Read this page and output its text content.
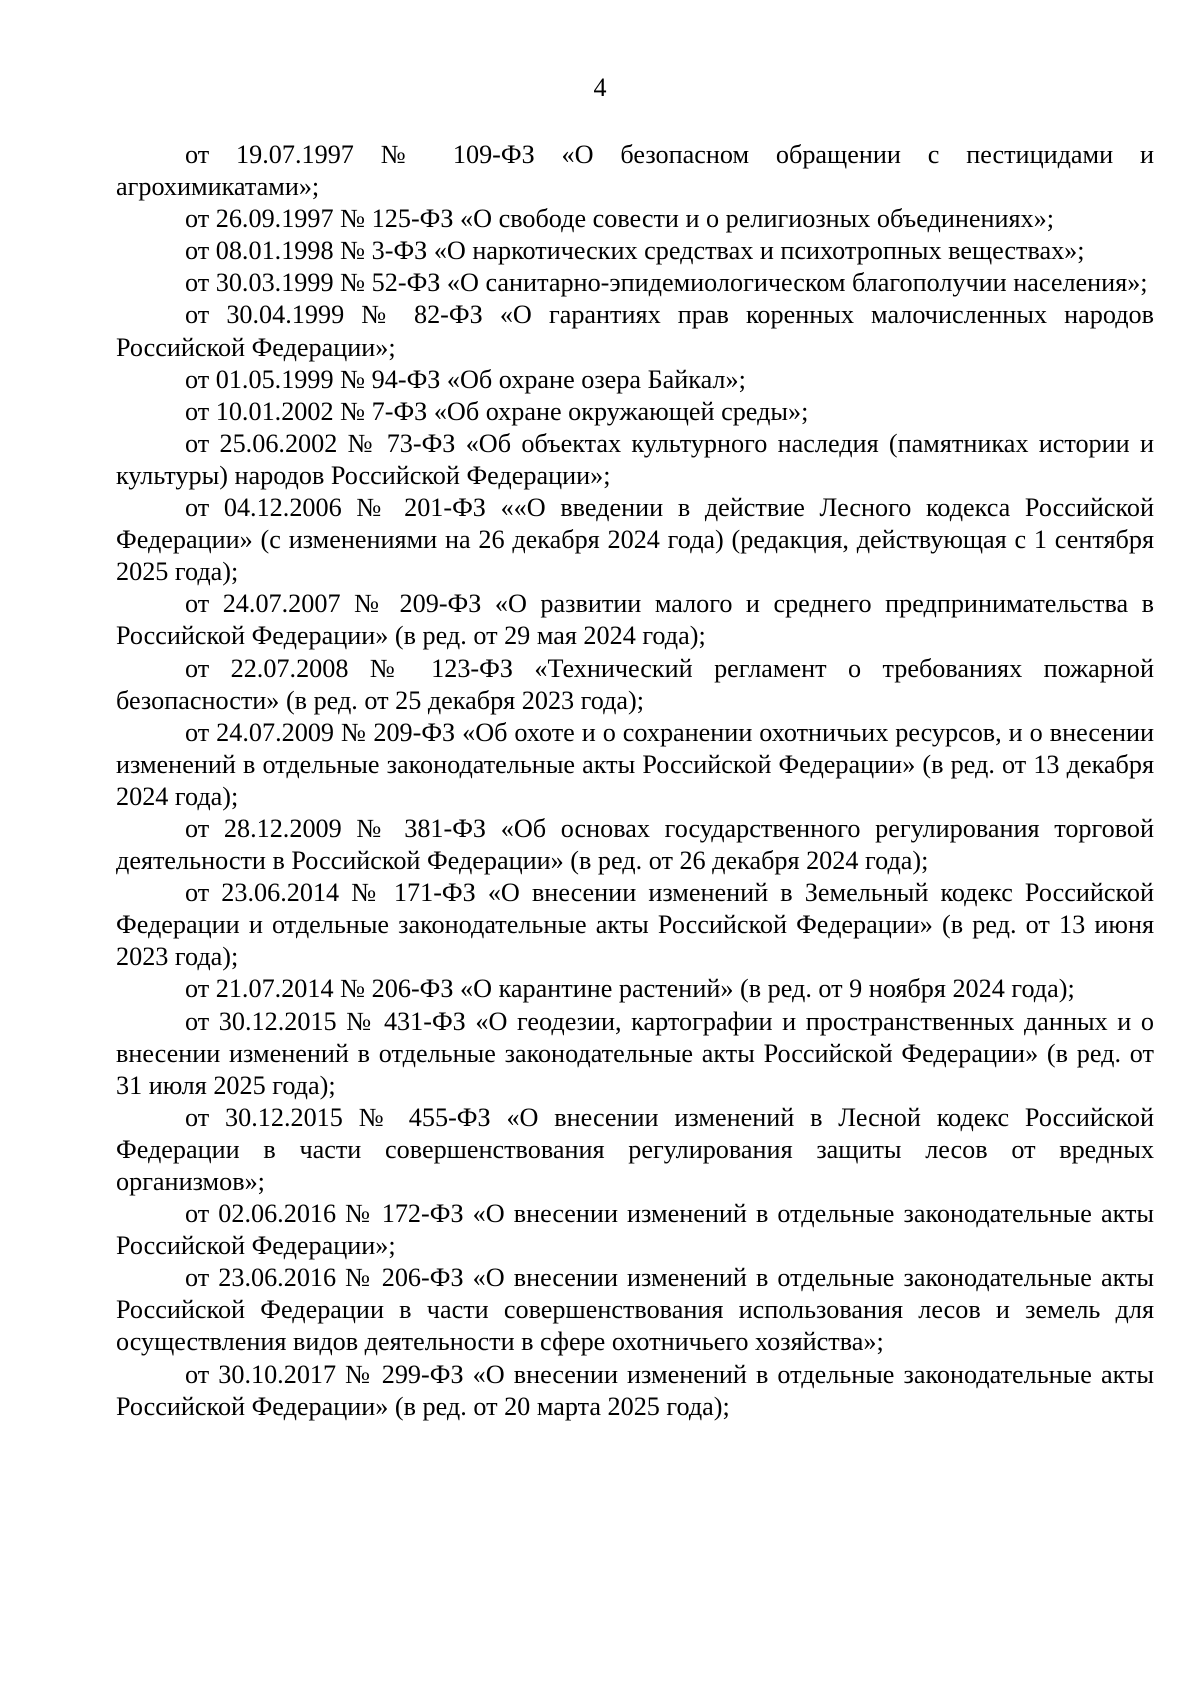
4

от 19.07.1997 № 109-ФЗ «О безопасном обращении с пестицидами и агрохимикатами»;

от 26.09.1997 № 125-ФЗ «О свободе совести и о религиозных объединениях»;

от 08.01.1998 № 3-ФЗ «О наркотических средствах и психотропных веществах»;

от 30.03.1999 № 52-ФЗ «О санитарно-эпидемиологическом благополучии населения»;

от 30.04.1999 № 82-ФЗ «О гарантиях прав коренных малочисленных народов Российской Федерации»;

от 01.05.1999 № 94-ФЗ «Об охране озера Байкал»;

от 10.01.2002 № 7-ФЗ «Об охране окружающей среды»;

от 25.06.2002 № 73-ФЗ «Об объектах культурного наследия (памятниках истории и культуры) народов Российской Федерации»;

от 04.12.2006 № 201-ФЗ ««О введении в действие Лесного кодекса Российской Федерации» (с изменениями на 26 декабря 2024 года) (редакция, действующая с 1 сентября 2025 года);

от 24.07.2007 № 209-ФЗ «О развитии малого и среднего предпринимательства в Российской Федерации» (в ред. от 29 мая 2024 года);

от 22.07.2008 № 123-ФЗ «Технический регламент о требованиях пожарной безопасности» (в ред. от 25 декабря 2023 года);

от 24.07.2009 № 209-ФЗ «Об охоте и о сохранении охотничьих ресурсов, и о внесении изменений в отдельные законодательные акты Российской Федерации» (в ред. от 13 декабря 2024 года);

от 28.12.2009 № 381-ФЗ «Об основах государственного регулирования торговой деятельности в Российской Федерации» (в ред. от 26 декабря 2024 года);

от 23.06.2014 № 171-ФЗ «О внесении изменений в Земельный кодекс Российской Федерации и отдельные законодательные акты Российской Федерации» (в ред. от 13 июня 2023 года);

от 21.07.2014 № 206-ФЗ «О карантине растений» (в ред. от 9 ноября 2024 года);

от 30.12.2015 № 431-ФЗ «О геодезии, картографии и пространственных данных и о внесении изменений в отдельные законодательные акты Российской Федерации» (в ред. от 31 июля 2025 года);

от 30.12.2015 № 455-ФЗ «О внесении изменений в Лесной кодекс Российской Федерации в части совершенствования регулирования защиты лесов от вредных организмов»;

от 02.06.2016 № 172-ФЗ «О внесении изменений в отдельные законодательные акты Российской Федерации»;

от 23.06.2016 № 206-ФЗ «О внесении изменений в отдельные законодательные акты Российской Федерации в части совершенствования использования лесов и земель для осуществления видов деятельности в сфере охотничьего хозяйства»;

от 30.10.2017 № 299-ФЗ «О внесении изменений в отдельные законодательные акты Российской Федерации» (в ред. от 20 марта 2025 года);
